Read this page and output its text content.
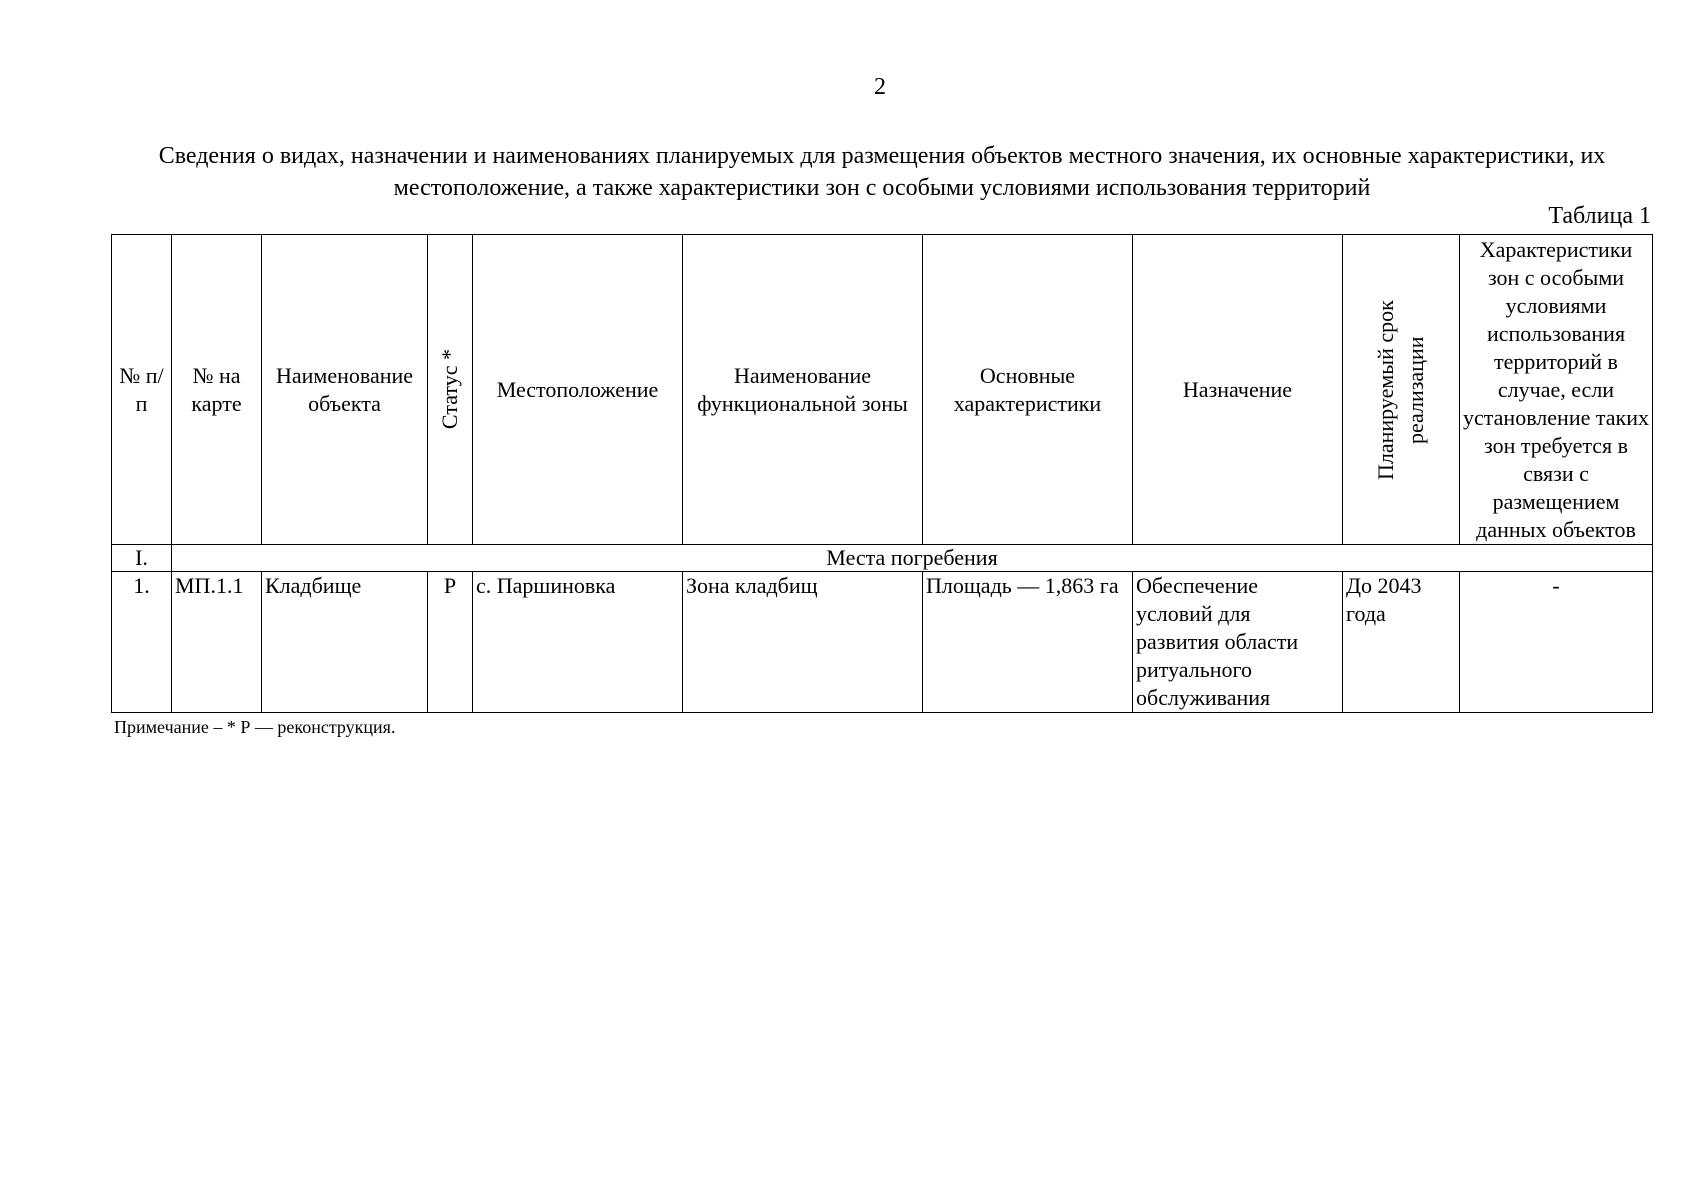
2
Сведения о видах, назначении и наименованиях планируемых для размещения объектов местного значения, их основные характеристики, их местоположение, а также характеристики зон с особыми условиями использования территорий
Таблица 1
№ п/п	№ на карте	Наименование объекта	Статус *	Местоположение	Наименование функциональной зоны	Основные характеристики	Назначение	Планируемый срок реализации	Характеристики зон с особыми условиями использования территорий в случае, если установление таких зон требуется в связи с размещением данных объектов
I.	Места погребения								
1.	МП.1.1	Кладбище	Р	с. Паршиновка	Зона кладбищ	Площадь — 1,863 га	Обеспечение условий для развития области ритуального обслуживания	До 2043 года	-
Примечание – * Р — реконструкция.
